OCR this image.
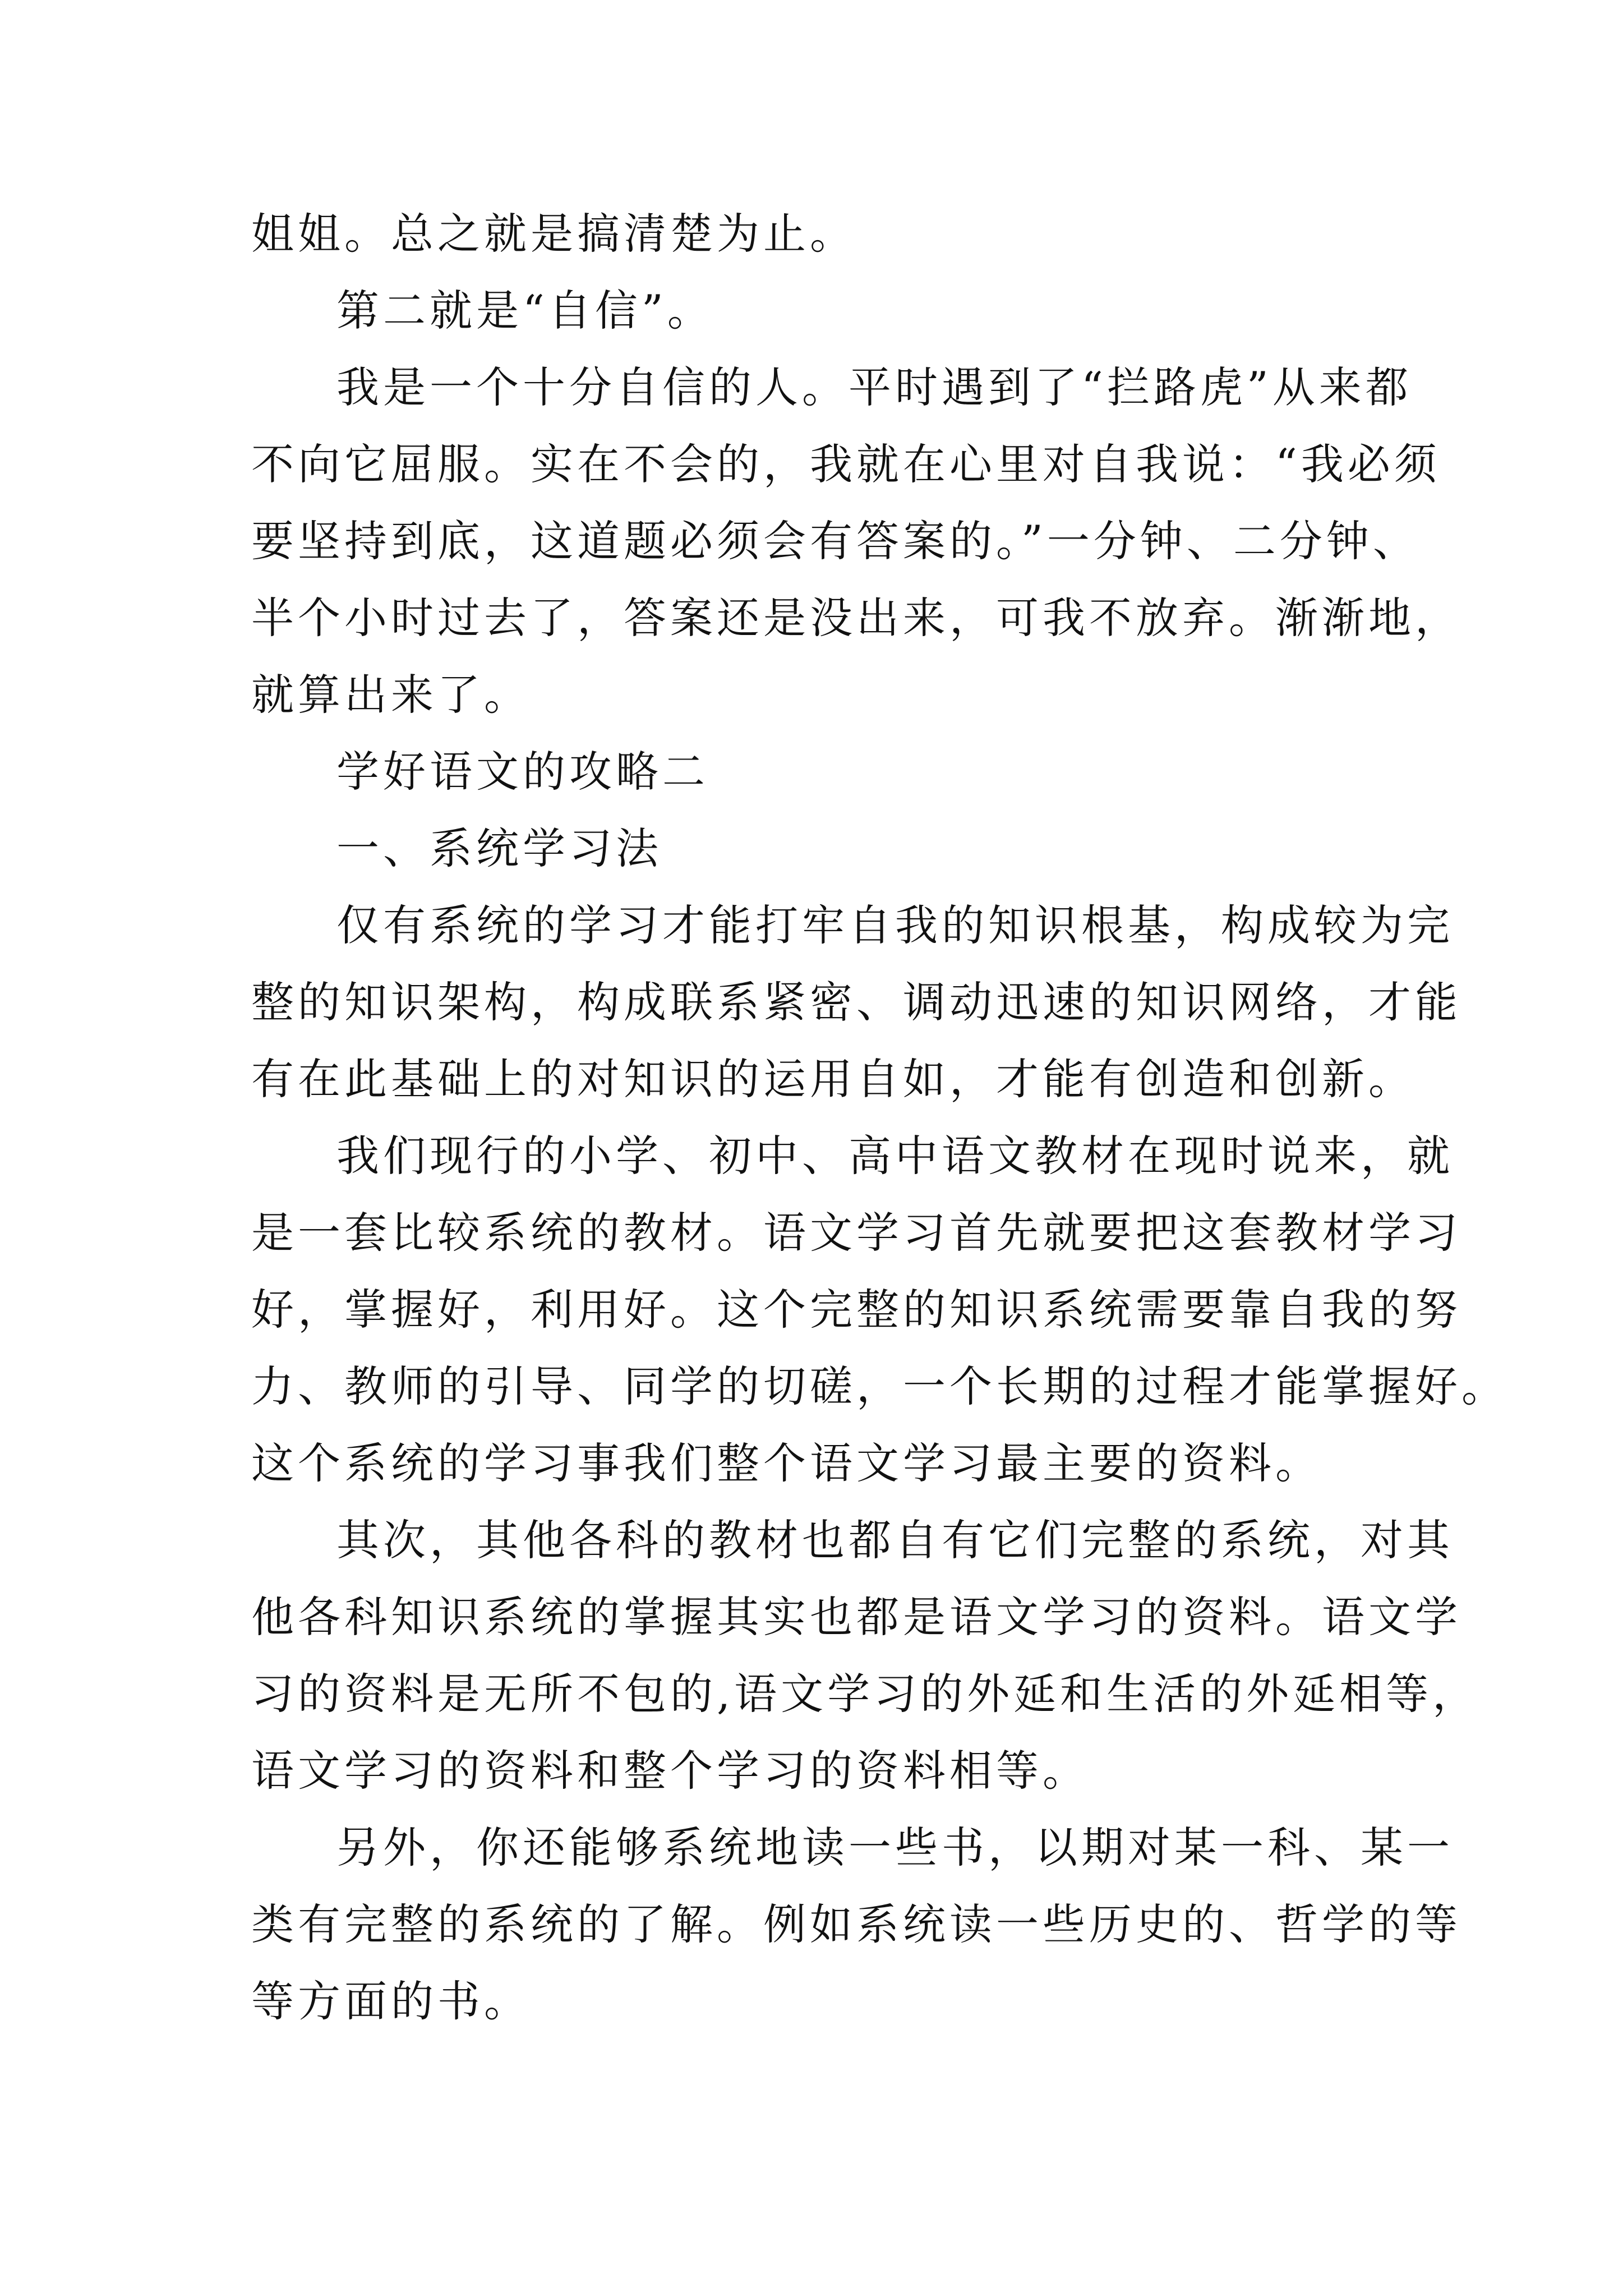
姐姐。总之就是搞清楚为止。
第二就是“自信”。
我是一个十分自信的人。平时遇到了“拦路虎”从来都
不向它屈服。实在不会的，我就在心里对自我说：“我必须
要坚持到底，这道题必须会有答案的。”一分钟、二分钟、
半个小时过去了，答案还是没出来，可我不放弃。渐渐地，
就算出来了。
学好语文的攻略二
一、系统学习法
仅有系统的学习才能打牢自我的知识根基，构成较为完
整的知识架构，构成联系紧密、调动迅速的知识网络，才能
有在此基础上的对知识的运用自如，才能有创造和创新。
我们现行的小学、初中、高中语文教材在现时说来，就
是一套比较系统的教材。语文学习首先就要把这套教材学习
好，掌握好，利用好。这个完整的知识系统需要靠自我的努
力、教师的引导、同学的切磋，一个长期的过程才能掌握好。
这个系统的学习事我们整个语文学习最主要的资料。
其次，其他各科的教材也都自有它们完整的系统，对其
他各科知识系统的掌握其实也都是语文学习的资料。语文学
习的资料是无所不包的,语文学习的外延和生活的外延相等，
语文学习的资料和整个学习的资料相等。
另外，你还能够系统地读一些书，以期对某一科、某一
类有完整的系统的了解。例如系统读一些历史的、哲学的等
等方面的书。
